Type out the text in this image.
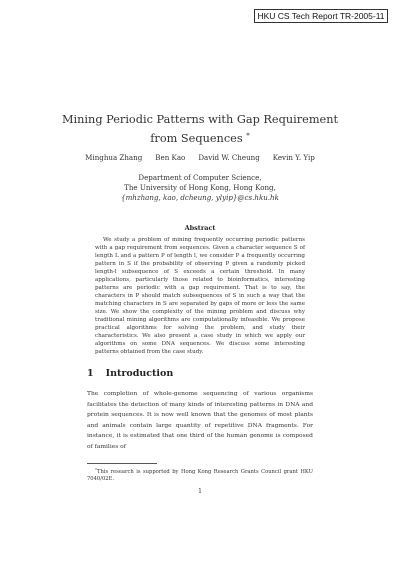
HKU CS Tech Report TR-2005-11
Mining Periodic Patterns with Gap Requirement
from Sequences *
Minghua Zhang Ben Kao David W. Cheung Kevin Y. Yip
Department of Computer Science,
The University of Hong Kong, Hong Kong,
{mhzhang, kao, dcheung, ylyip}@cs.hku.hk
Abstract
We study a problem of mining frequently occurring periodic patterns with a gap requirement from sequences. Given a character sequence S of length L and a pattern P of length l, we consider P a frequently occurring pattern in S if the probability of observing P given a randomly picked length-l subsequence of S exceeds a certain threshold. In many applications, particularly those related to bioinformatics, interesting patterns are periodic with a gap requirement. That is to say, the characters in P should match subsequences of S in such a way that the matching characters in S are separated by gaps of more or less the same size. We show the complexity of the mining problem and discuss why traditional mining algorithms are computationally infeasible. We propose practical algorithms for solving the problem, and study their characteristics. We also present a case study in which we apply our algorithms on some DNA sequences. We discuss some interesting patterns obtained from the case study.
1 Introduction
The completion of whole-genome sequencing of various organisms facilitates the detection of many kinds of interesting patterns in DNA and protein sequences. It is now well known that the genomes of most plants and animals contain large quantity of repetitive DNA fragments. For instance, it is estimated that one third of the human genome is composed of families of
*This research is supported by Hong Kong Research Grants Council grant HKU 7040/02E.
1
